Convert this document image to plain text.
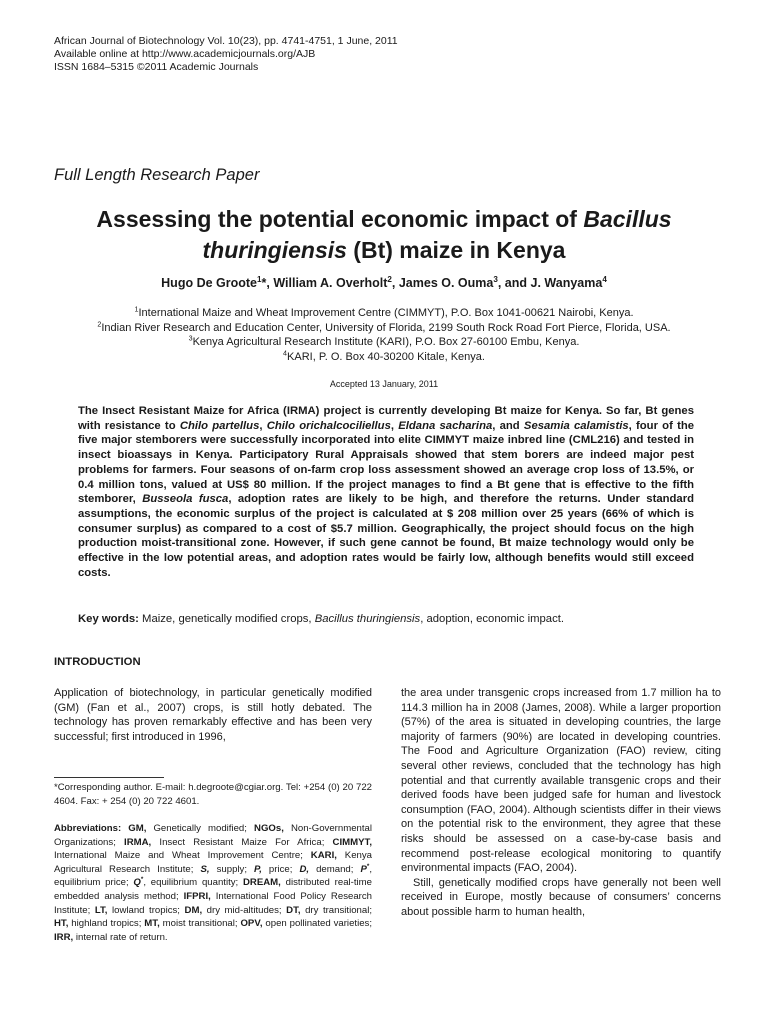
African Journal of Biotechnology Vol. 10(23), pp. 4741-4751, 1 June, 2011
Available online at http://www.academicjournals.org/AJB
ISSN 1684–5315 ©2011 Academic Journals
Full Length Research Paper
Assessing the potential economic impact of Bacillus
thuringiensis (Bt) maize in Kenya
Hugo De Groote$^1$*, William A. Overholt$^2$, James O. Ouma$^3$, and J. Wanyama$^4$
$^1$International Maize and Wheat Improvement Centre (CIMMYT), P.O. Box 1041-00621 Nairobi, Kenya.
$^2$Indian River Research and Education Center, University of Florida, 2199 South Rock Road Fort Pierce, Florida, USA.
$^3$Kenya Agricultural Research Institute (KARI), P.O. Box 27-60100 Embu, Kenya.
$^4$KARI, P. O. Box 40-30200 Kitale, Kenya.
Accepted 13 January, 2011
The Insect Resistant Maize for Africa (IRMA) project is currently developing Bt maize for Kenya. So far, Bt genes with resistance to Chilo partellus, Chilo orichalcociliellus, Eldana sacharina, and Sesamia calamistis, four of the five major stemborers were successfully incorporated into elite CIMMYT maize inbred line (CML216) and tested in insect bioassays in Kenya. Participatory Rural Appraisals showed that stem borers are indeed major pest problems for farmers. Four seasons of on-farm crop loss assessment showed an average crop loss of 13.5%, or 0.4 million tons, valued at US$ 80 million. If the project manages to find a Bt gene that is effective to the fifth stemborer, Busseola fusca, adoption rates are likely to be high, and therefore the returns. Under standard assumptions, the economic surplus of the project is calculated at $ 208 million over 25 years (66% of which is consumer surplus) as compared to a cost of $5.7 million. Geographically, the project should focus on the high production moist-transitional zone. However, if such gene cannot be found, Bt maize technology would only be effective in the low potential areas, and adoption rates would be fairly low, although benefits would still exceed costs.
Key words: Maize, genetically modified crops, Bacillus thuringiensis, adoption, economic impact.
INTRODUCTION
Application of biotechnology, in particular genetically modified (GM) (Fan et al., 2007) crops, is still hotly debated. The technology has proven remarkably effective and has been very successful; first introduced in 1996,
*Corresponding author. E-mail: h.degroote@cgiar.org. Tel: +254 (0) 20 722 4604. Fax: + 254 (0) 20 722 4601.
Abbreviations: GM, Genetically modified; NGOs, Non-Governmental Organizations; IRMA, Insect Resistant Maize For Africa; CIMMYT, International Maize and Wheat Improvement Centre; KARI, Kenya Agricultural Research Institute; S, supply; P, price; D, demand; P*, equilibrium price; Q*, equilibrium quantity; DREAM, distributed real-time embedded analysis method; IFPRI, International Food Policy Research Institute; LT, lowland tropics; DM, dry mid-altitudes; DT, dry transitional; HT, highland tropics; MT, moist transitional; OPV, open pollinated varieties; IRR, internal rate of return.
the area under transgenic crops increased from 1.7 million ha to 114.3 million ha in 2008 (James, 2008). While a larger proportion (57%) of the area is situated in developing countries, the large majority of farmers (90%) are located in developing countries. The Food and Agriculture Organization (FAO) review, citing several other reviews, concluded that the technology has high potential and that currently available transgenic crops and their derived foods have been judged safe for human and livestock consumption (FAO, 2004). Although scientists differ in their views on the potential risk to the environment, they agree that these risks should be assessed on a case-by-case basis and recommend post-release ecological monitoring to quantify environmental impacts (FAO, 2004).
Still, genetically modified crops have generally not been well received in Europe, mostly because of consumers’ concerns about possible harm to human health,
